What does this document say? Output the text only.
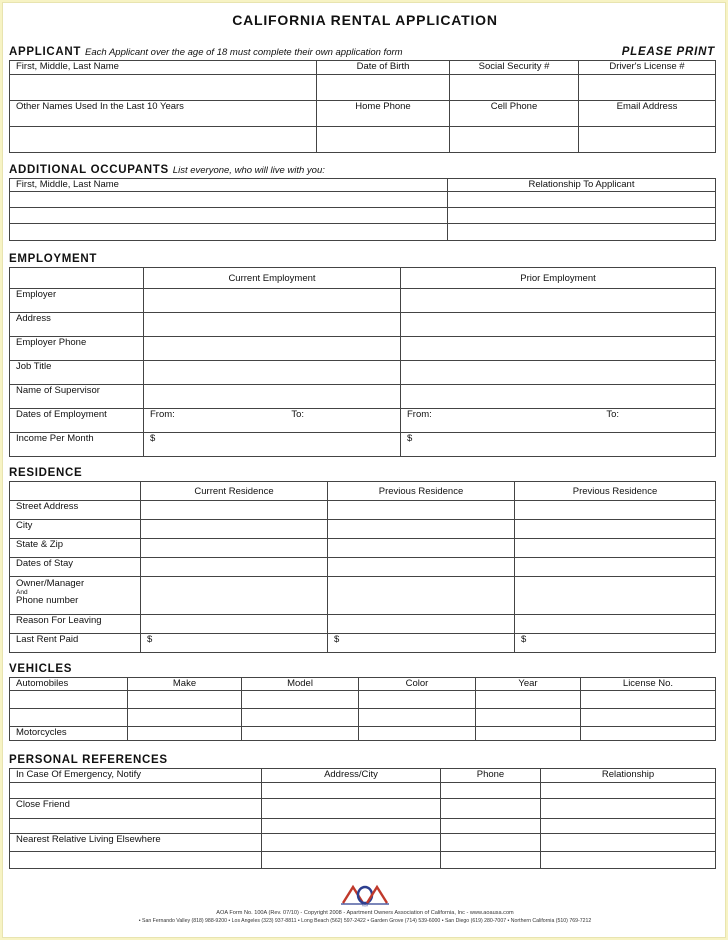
CALIFORNIA RENTAL APPLICATION
APPLICANT Each Applicant over the age of 18 must complete their own application form	PLEASE PRINT
First, Middle, Last Name	Date of Birth	Social Security #	Driver's License #

Other Names Used In the Last 10 Years	Home Phone	Cell Phone	Email Address

ADDITIONAL OCCUPANTS List everyone, who will live with you:
First, Middle, Last Name	Relationship To Applicant

EMPLOYMENT
	Current Employment	Prior Employment
Employer		
Address		
Employer Phone		
Job Title		
Name of Supervisor		
Dates of Employment	From: To:	From: To:

Income Per Month	$	$
RESIDENCE
	Current Residence	Previous Residence	Previous Residence
Street Address			
City			
State & Zip			
Dates of Stay			
Owner/Manager
And
Phone number			
Reason For Leaving			
Last Rent Paid	$	$	$
VEHICLES
Automobiles	Make	Model	Color	Year	License No.

Motorcycles					
PERSONAL REFERENCES
In Case Of Emergency, Notify	Address/City	Phone	Relationship

Close Friend			

Nearest Relative Living Elsewhere			

AOA
AOA Form No. 100A (Rev. 07/10) - Copyright 2008 - Apartment Owners Association of California, Inc - www.aoausa.com
• San Fernando Valley (818) 988-9200 • Los Angeles (323) 937-8811 • Long Beach (562) 597-2422 • Garden Grove (714) 539-6000 • San Diego (619) 280-7007 • Northern California (510) 769-7212
